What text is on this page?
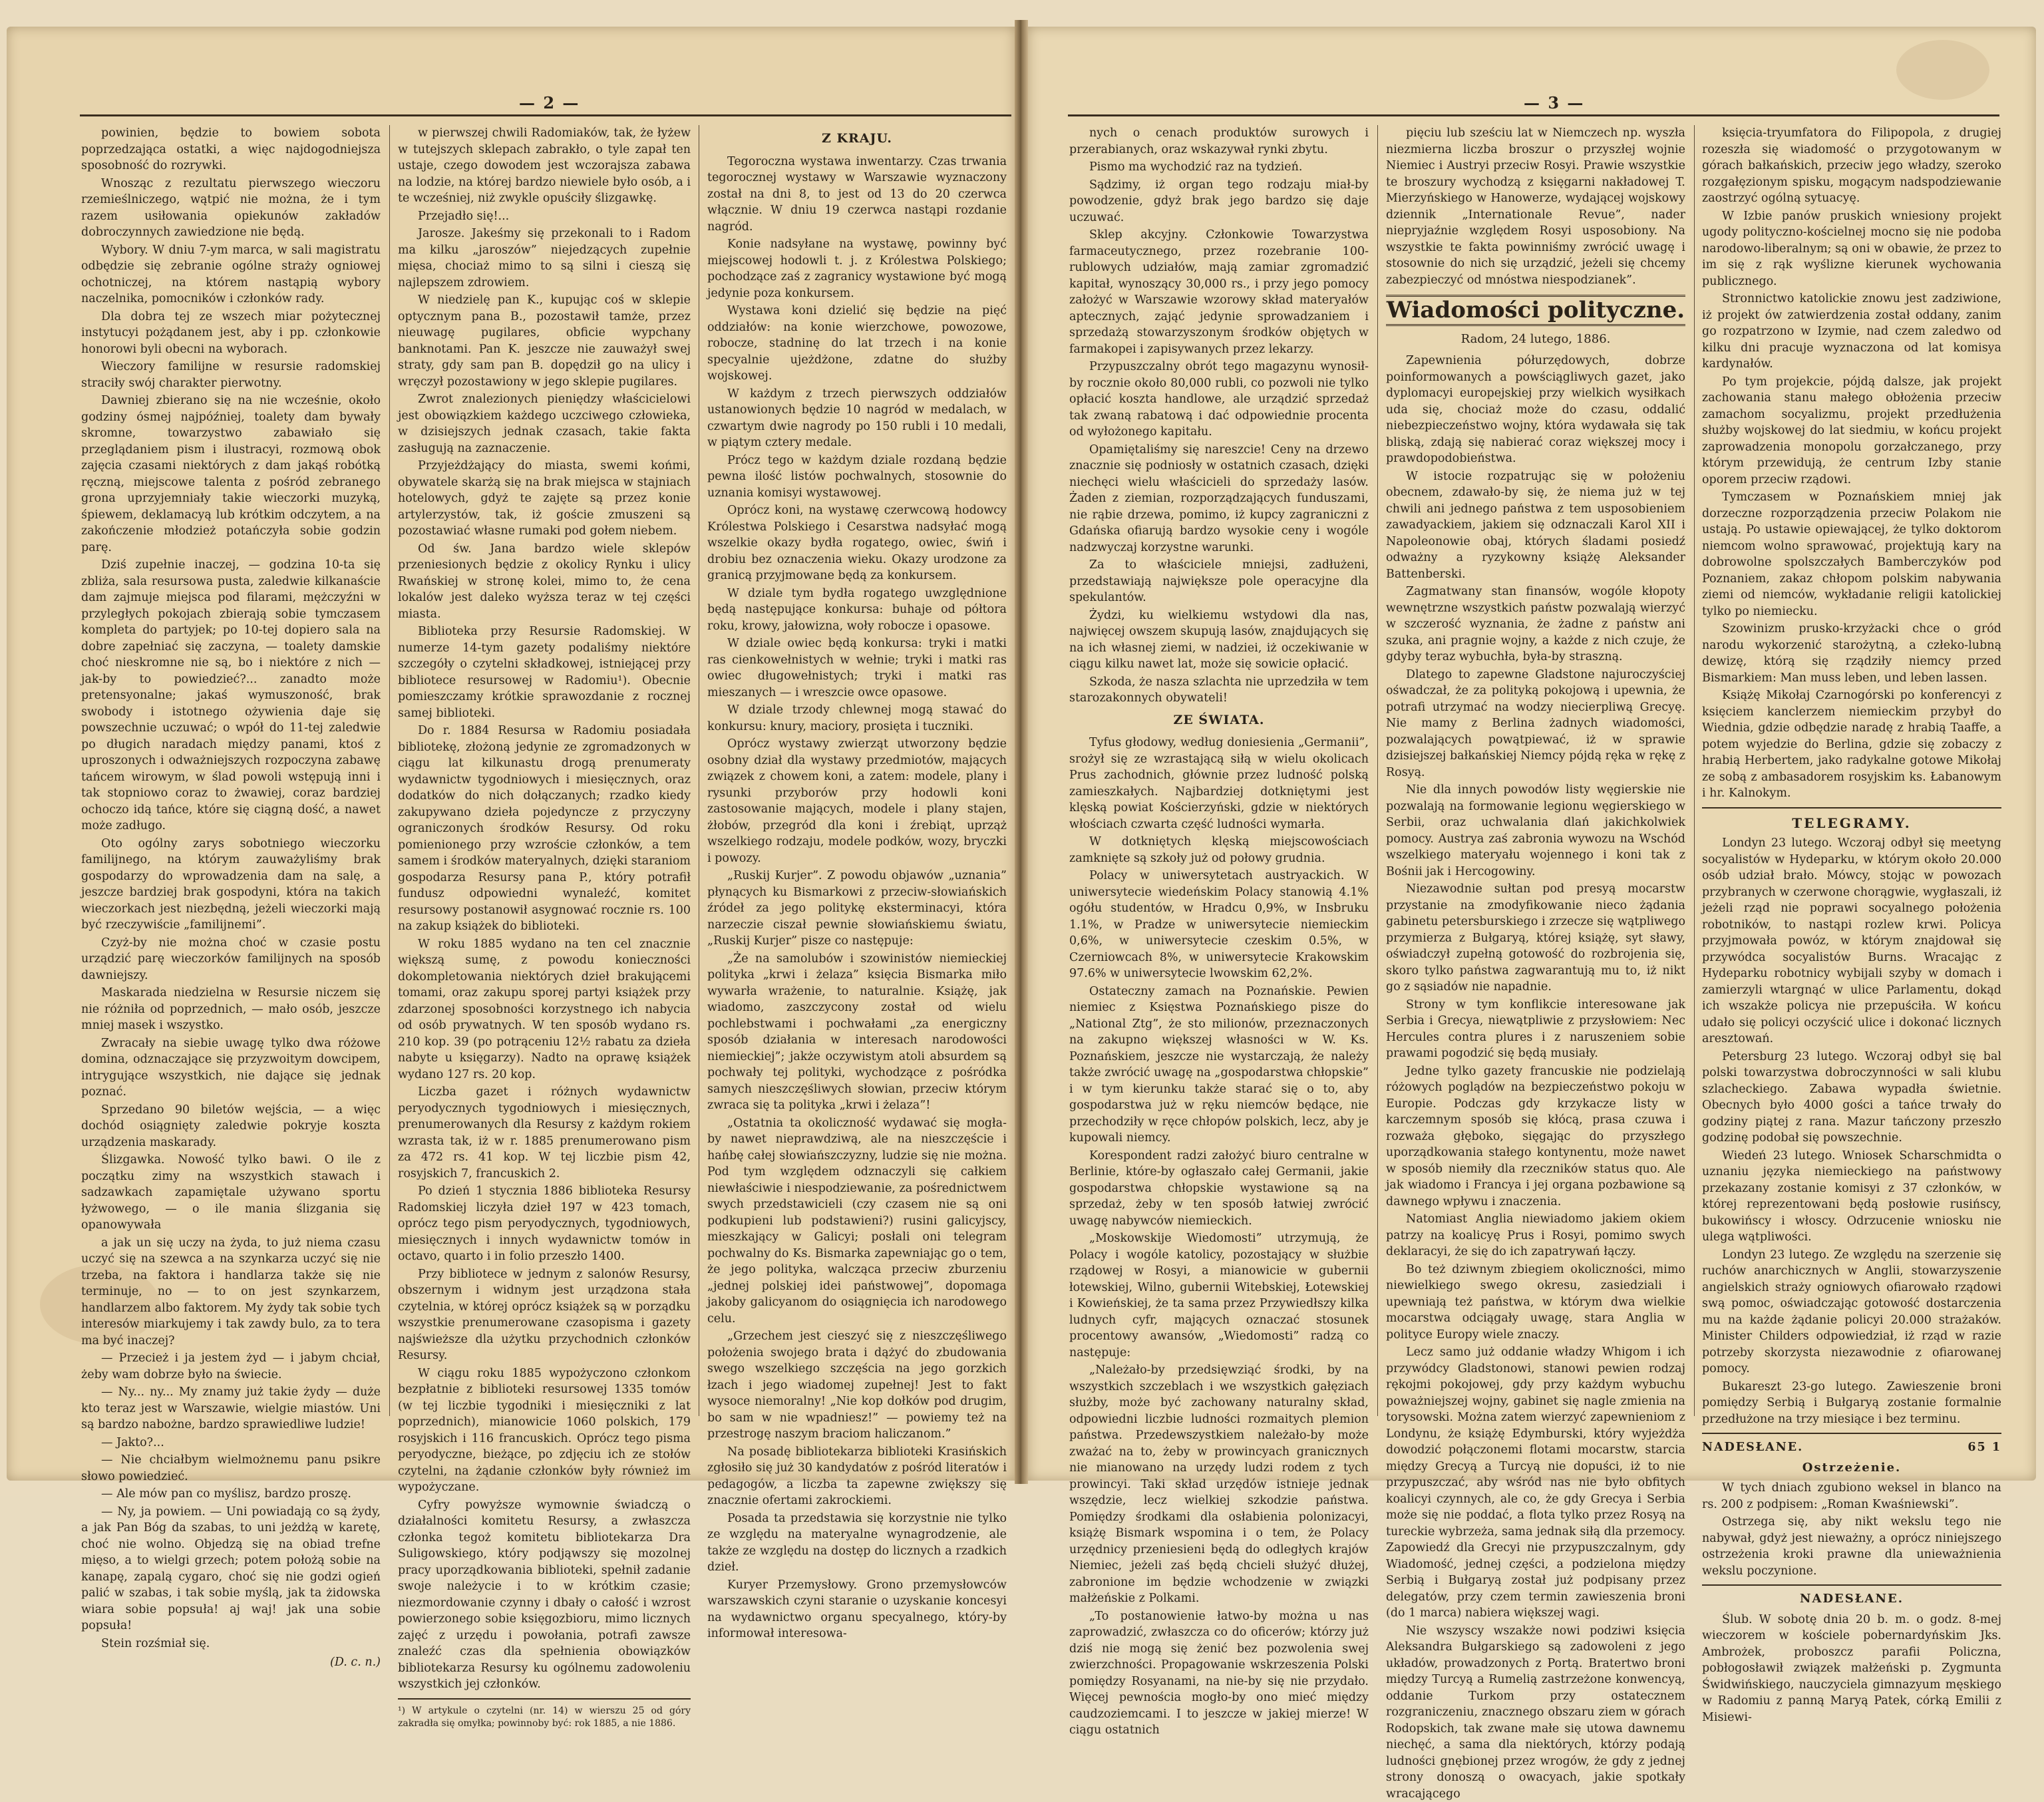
— 2 —

powinien, będzie to bowiem sobota poprzedzająca ostatki, a więc najdogodniejsza sposobność do rozrywki.

Wnosząc z rezultatu pierwszego wieczoru rzemieślniczego, wątpić nie można, że i tym razem usiłowania opiekunów zakładów dobroczynnych zawiedzione nie będą.

Wybory. W dniu 7-ym marca, w sali magistratu odbędzie się zebranie ogólne straży ogniowej ochotniczej, na którem nastąpią wybory naczelnika, pomocników i członków rady.

Dla dobra tej ze wszech miar pożytecznej instytucyi pożądanem jest, aby i pp. członkowie honorowi byli obecni na wyborach.

Wieczory familijne w resursie radomskiej straciły swój charakter pierwotny.

Dawniej zbierano się na nie wcześnie, około godziny ósmej najpóźniej, toalety dam bywały skromne, towarzystwo zabawiało się przeglądaniem pism i ilustracyi, rozmową obok zajęcia czasami niektórych z dam jakąś robótką ręczną, miejscowe talenta z pośród zebranego grona uprzyjemniały takie wieczorki muzyką, śpiewem, deklamacyą lub krótkim odczytem, a na zakończenie młodzież potańczyła sobie godzin parę.

Dziś zupełnie inaczej, — godzina 10-ta się zbliża, sala resursowa pusta, zaledwie kilkanaście dam zajmuje miejsca pod filarami, mężczyźni w przyległych pokojach zbierają sobie tymczasem kompleta do partyjek; po 10-tej dopiero sala na dobre zapełniać się zaczyna, — toalety damskie choć nieskromne nie są, bo i niektóre z nich — jak-by to powiedzieć?... zanadto może pretensyonalne; jakaś wymuszoność, brak swobody i istotnego ożywienia daje się powszechnie uczuwać; o wpół do 11-tej zaledwie po długich naradach między panami, ktoś z uproszonych i odważniejszych rozpoczyna zabawę tańcem wirowym, w ślad powoli wstępują inni i tak stopniowo coraz to żwawiej, coraz bardziej ochoczo idą tańce, które się ciągną dość, a nawet może zadługo.

Oto ogólny zarys sobotniego wieczorku familijnego, na którym zauważyliśmy brak gospodarzy do wprowadzenia dam na salę, a jeszcze bardziej brak gospodyni, która na takich wieczorkach jest niezbędną, jeżeli wieczorki mają być rzeczywiście „familijnemi”.

Czyż-by nie można choć w czasie postu urządzić parę wieczorków familijnych na sposób dawniejszy.

Maskarada niedzielna w Resursie niczem się nie różniła od poprzednich, — mało osób, jeszcze mniej masek i wszystko.

Zwracały na siebie uwagę tylko dwa różowe domina, odznaczające się przyzwoitym dowcipem, intrygujące wszystkich, nie dające się jednak poznać.

Sprzedano 90 biletów wejścia, — a więc dochód osiągnięty zaledwie pokryje koszta urządzenia maskarady.

Ślizgawka. Nowość tylko bawi. O ile z początku zimy na wszystkich stawach i sadzawkach zapamiętale używano sportu łyżwowego, — o ile mania ślizgania się opanowywała

a jak un się uczy na żyda, to już niema czasu uczyć się na szewca a na szynkarza uczyć się nie trzeba, na faktora i handlarza także się nie terminuje, no — to on jest szynkarzem, handlarzem albo faktorem. My żydy tak sobie tych interesów miarkujemy i tak zawdy bulo, za to tera ma być inaczej?

— Przecież i ja jestem żyd — i jabym chciał, żeby wam dobrze było na świecie.

— Ny... ny... My znamy już takie żydy — duże kto teraz jest w Warszawie, wielgie miastów. Uni są bardzo nabożne, bardzo sprawiedliwe ludzie!

— Jakto?...

— Nie chciałbym wielmożnemu panu psikre słowo powiedzieć.

— Ale mów pan co myślisz, bardzo proszę.

— Ny, ja powiem. — Uni powiadają co są żydy, a jak Pan Bóg da szabas, to uni jeżdżą w karetę, choć nie wolno. Objedzą się na obiad trefne mięso, a to wielgi grzech; potem położą sobie na kanapę, zapalą cygaro, choć się nie godzi ogień palić w szabas, i tak sobie myślą, jak ta żidowska wiara sobie popsuła! aj waj! jak una sobie popsuła!

Stein rozśmiał się.

(D. c. n.)

w pierwszej chwili Radomiaków, tak, że łyżew w tutejszych sklepach zabrakło, o tyle zapał ten ustaje, czego dowodem jest wczorajsza zabawa na lodzie, na której bardzo niewiele było osób, a i te wcześniej, niż zwykle opuściły ślizgawkę.

Przejadło się!...

Jarosze. Jakeśmy się przekonali to i Radom ma kilku „jaroszów” niejedzących zupełnie mięsa, chociaż mimo to są silni i cieszą się najlepszem zdrowiem.

W niedzielę pan K., kupując coś w sklepie optycznym pana B., pozostawił tamże, przez nieuwagę pugilares, obficie wypchany banknotami. Pan K. jeszcze nie zauważył swej straty, gdy sam pan B. dopędził go na ulicy i wręczył pozostawiony w jego sklepie pugilares.

Zwrot znalezionych pieniędzy właścicielowi jest obowiązkiem każdego uczciwego człowieka, w dzisiejszych jednak czasach, takie fakta zasługują na zaznaczenie.

Przyjeżdżający do miasta, swemi końmi, obywatele skarżą się na brak miejsca w stajniach hotelowych, gdyż te zajęte są przez konie artylerzystów, tak, iż goście zmuszeni są pozostawiać własne rumaki pod gołem niebem.

Od św. Jana bardzo wiele sklepów przeniesionych będzie z okolicy Rynku i ulicy Rwańskiej w stronę kolei, mimo to, że cena lokalów jest daleko wyższa teraz w tej części miasta.

Biblioteka przy Resursie Radomskiej. W numerze 14-tym gazety podaliśmy niektóre szczegóły o czytelni składkowej, istniejącej przy bibliotece resursowej w Radomiu¹). Obecnie pomieszczamy krótkie sprawozdanie z rocznej samej biblioteki.

Do r. 1884 Resursa w Radomiu posiadała bibliotekę, złożoną jedynie ze zgromadzonych w ciągu lat kilkunastu drogą prenumeraty wydawnictw tygodniowych i miesięcznych, oraz dodatków do nich dołączanych; rzadko kiedy zakupywano dzieła pojedyncze z przyczyny ograniczonych środków Resursy. Od roku pomienionego przy wzroście członków, a tem samem i środków materyalnych, dzięki staraniom gospodarza Resursy pana P., który potrafił fundusz odpowiedni wynaleźć, komitet resursowy postanowił asygnować rocznie rs. 100 na zakup książek do biblioteki.

W roku 1885 wydano na ten cel znacznie większą sumę, z powodu konieczności dokompletowania niektórych dzieł brakującemi tomami, oraz zakupu sporej partyi książek przy zdarzonej sposobności korzystnego ich nabycia od osób prywatnych. W ten sposób wydano rs. 210 kop. 39 (po potrąceniu 12½ rabatu za dzieła nabyte u księgarzy). Nadto na oprawę książek wydano 127 rs. 20 kop.

Liczba gazet i różnych wydawnictw peryodycznych tygodniowych i miesięcznych, prenumerowanych dla Resursy z każdym rokiem wzrasta tak, iż w r. 1885 prenumerowano pism za 472 rs. 41 kop. W tej liczbie pism 42, rosyjskich 7, francuskich 2.

Po dzień 1 stycznia 1886 biblioteka Resursy Radomskiej liczyła dzieł 197 w 423 tomach, oprócz tego pism peryodycznych, tygodniowych, miesięcznych i innych wydawnictw tomów in octavo, quarto i in folio przeszło 1400.

Przy bibliotece w jednym z salonów Resursy, obszernym i widnym jest urządzona stała czytelnia, w której oprócz książek są w porządku wszystkie prenumerowane czasopisma i gazety najświeższe dla użytku przychodnich członków Resursy.

W ciągu roku 1885 wypożyczono członkom bezpłatnie z biblioteki resursowej 1335 tomów (w tej liczbie tygodniki i miesięczniki z lat poprzednich), mianowicie 1060 polskich, 179 rosyjskich i 116 francuskich. Oprócz tego pisma peryodyczne, bieżące, po zdjęciu ich ze stołów czytelni, na żądanie członków były również im wypożyczane.

Cyfry powyższe wymownie świadczą o działalności komitetu Resursy, a zwłaszcza członka tegoż komitetu bibliotekarza Dra Suligowskiego, który podjąwszy się mozolnej pracy uporządkowania biblioteki, spełnił zadanie swoje należycie i to w krótkim czasie; niezmordowanie czynny i dbały o całość i wzrost powierzonego sobie księgozbioru, mimo licznych zajęć z urzędu i powołania, potrafi zawsze znaleźć czas dla spełnienia obowiązków bibliotekarza Resursy ku ogólnemu zadowoleniu wszystkich jej członków.

¹) W artykule o czytelni (nr. 14) w wierszu 25 od góry zakradła się omyłka; powinnoby być: rok 1885, a nie 1886.
Z KRAJU.

Tegoroczna wystawa inwentarzy. Czas trwania tegorocznej wystawy w Warszawie wyznaczony został na dni 8, to jest od 13 do 20 czerwca włącznie. W dniu 19 czerwca nastąpi rozdanie nagród.

Konie nadsyłane na wystawę, powinny być miejscowej hodowli t. j. z Królestwa Polskiego; pochodzące zaś z zagranicy wystawione być mogą jedynie poza konkursem.

Wystawa koni dzielić się będzie na pięć oddziałów: na konie wierzchowe, powozowe, robocze, stadninę do lat trzech i na konie specyalnie ujeżdżone, zdatne do służby wojskowej.

W każdym z trzech pierwszych oddziałów ustanowionych będzie 10 nagród w medalach, w czwartym dwie nagrody po 150 rubli i 10 medali, w piątym cztery medale.

Prócz tego w każdym dziale rozdaną będzie pewna ilość listów pochwalnych, stosownie do uznania komisyi wystawowej.

Oprócz koni, na wystawę czerwcową hodowcy Królestwa Polskiego i Cesarstwa nadsyłać mogą wszelkie okazy bydła rogatego, owiec, świń i drobiu bez oznaczenia wieku. Okazy urodzone za granicą przyjmowane będą za konkursem.

W dziale tym bydła rogatego uwzględnione będą następujące konkursa: buhaje od półtora roku, krowy, jałowizna, woły robocze i opasowe.

W dziale owiec będą konkursa: tryki i matki ras cienkowełnistych w wełnie; tryki i matki ras owiec długowełnistych; tryki i matki ras mieszanych — i wreszcie owce opasowe.

W dziale trzody chlewnej mogą stawać do konkursu: knury, maciory, prosięta i tuczniki.

Oprócz wystawy zwierząt utworzony będzie osobny dział dla wystawy przedmiotów, mających związek z chowem koni, a zatem: modele, plany i rysunki przyborów przy hodowli koni zastosowanie mających, modele i plany stajen, żłobów, przegród dla koni i źrebiąt, uprząż wszelkiego rodzaju, modele podków, wozy, bryczki i powozy.

„Ruskij Kurjer”. Z powodu objawów „uznania” płynących ku Bismarkowi z przeciw-słowiańskich źródeł za jego politykę eksterminacyi, która narzeczie ciszał pewnie słowiańskiemu światu, „Ruskij Kurjer” pisze co następuje:

„Że na samolubów i szowinistów niemieckiej polityka „krwi i żelaza” księcia Bismarka miło wywarła wrażenie, to naturalnie. Książę, jak wiadomo, zaszczycony został od wielu pochlebstwami i pochwałami „za energiczny sposób działania w interesach narodowości niemieckiej”; jakże oczywistym atoli absurdem są pochwały tej polityki, wychodzące z pośródka samych nieszczęśliwych słowian, przeciw którym zwraca się ta polityka „krwi i żelaza”!

„Ostatnia ta okoliczność wydawać się mogła-by nawet nieprawdziwą, ale na nieszczęście i hańbę całej słowiańszczyzny, ludzie się nie można. Pod tym względem odznaczyli się całkiem niewłaściwie i niespodziewanie, za pośrednictwem swych przedstawicieli (czy czasem nie są oni podkupieni lub podstawieni?) rusini galicyjscy, mieszkający w Galicyi; posłali oni telegram pochwalny do Ks. Bismarka zapewniając go o tem, że jego polityka, walcząca przeciw zburzeniu „jednej polskiej idei państwowej”, dopomaga jakoby galicyanom do osiągnięcia ich narodowego celu.

„Grzechem jest cieszyć się z nieszczęśliwego położenia swojego brata i dążyć do zbudowania swego wszelkiego szczęścia na jego gorzkich łzach i jego wiadomej zupełnej! Jest to fakt wysoce niemoralny! „Nie kop dołków pod drugim, bo sam w nie wpadniesz!” — powiemy też na przestrogę naszym braciom haliczanom.”

Na posadę bibliotekarza biblioteki Krasińskich zgłosiło się już 30 kandydatów z pośród literatów i pedagogów, a liczba ta zapewne zwiększy się znacznie ofertami zakrockiemi.

Posada ta przedstawia się korzystnie nie tylko ze względu na materyalne wynagrodzenie, ale także ze względu na dostęp do licznych a rzadkich dzieł.

Kuryer Przemysłowy. Grono przemysłowców warszawskich czyni staranie o uzyskanie koncesyi na wydawnictwo organu specyalnego, który-by informował interesowa-

— 3 —

nych o cenach produktów surowych i przerabianych, oraz wskazywał rynki zbytu.

Pismo ma wychodzić raz na tydzień.

Sądzimy, iż organ tego rodzaju miał-by powodzenie, gdyż brak jego bardzo się daje uczuwać.

Sklep akcyjny. Członkowie Towarzystwa farmaceutycznego, przez rozebranie 100-rublowych udziałów, mają zamiar zgromadzić kapitał, wynoszący 30,000 rs., i przy jego pomocy założyć w Warszawie wzorowy skład materyałów aptecznych, zająć jedynie sprowadzaniem i sprzedażą stowarzyszonym środków objętych w farmakopei i zapisywanych przez lekarzy.

Przypuszczalny obrót tego magazynu wynosił-by rocznie około 80,000 rubli, co pozwoli nie tylko opłacić koszta handlowe, ale urządzić sprzedaż tak zwaną rabatową i dać odpowiednie procenta od wyłożonego kapitału.

Opamiętaliśmy się nareszcie! Ceny na drzewo znacznie się podniosły w ostatnich czasach, dzięki niechęci wielu właścicieli do sprzedaży lasów. Żaden z ziemian, rozporządzających funduszami, nie rąbie drzewa, pomimo, iż kupcy zagraniczni z Gdańska ofiarują bardzo wysokie ceny i wogóle nadzwyczaj korzystne warunki.

Za to właściciele mniejsi, zadłużeni, przedstawiają największe pole operacyjne dla spekulantów.

Żydzi, ku wielkiemu wstydowi dla nas, najwięcej owszem skupują lasów, znajdujących się na ich własnej ziemi, w nadziei, iż oczekiwanie w ciągu kilku nawet lat, może się sowicie opłacić.

Szkoda, że nasza szlachta nie uprzedziła w tem starozakonnych obywateli!

ZE ŚWIATA.

Tyfus głodowy, według doniesienia „Germanii”, srożył się ze wzrastającą siłą w wielu okolicach Prus zachodnich, głównie przez ludność polską zamieszkałych. Najbardziej dotkniętymi jest klęską powiat Kościerzyński, gdzie w niektórych włościach czwarta część ludności wymarła.

W dotkniętych klęską miejscowościach zamknięte są szkoły już od połowy grudnia.

Polacy w uniwersytetach austryackich. W uniwersytecie wiedeńskim Polacy stanowią 4.1% ogółu studentów, w Hradcu 0,9%, w Insbruku 1.1%, w Pradze w uniwersytecie niemieckim 0,6%, w uniwersytecie czeskim 0.5%, w Czerniowcach 8%, w uniwersytecie Krakowskim 97.6% w uniwersytecie lwowskim 62,2%.

Ostateczny zamach na Poznańskie. Pewien niemiec z Księstwa Poznańskiego pisze do „National Ztg”, że sto milionów, przeznaczonych na zakupno większej własności w W. Ks. Poznańskiem, jeszcze nie wystarczają, że należy także zwrócić uwagę na „gospodarstwa chłopskie” i w tym kierunku także starać się o to, aby gospodarstwa już w ręku niemców będące, nie przechodziły w ręce chłopów polskich, lecz, aby je kupowali niemcy.

Korespondent radzi założyć biuro centralne w Berlinie, które-by ogłaszało całej Germanii, jakie gospodarstwa chłopskie wystawione są na sprzedaż, żeby w ten sposób łatwiej zwrócić uwagę nabywców niemieckich.

„Moskowskije Wiedomosti” utrzymują, że Polacy i wogóle katolicy, pozostający w służbie rządowej w Rosyi, a mianowicie w gubernii łotewskiej, Wilno, gubernii Witebskiej, Łotewskiej i Kowieńskiej, że ta sama przez Przywiedłszy kilka ludnych cyfr, mających oznaczać stosunek procentowy awansów, „Wiedomosti” radzą co następuje:

„Należało-by przedsięwziąć środki, by na wszystkich szczeblach i we wszystkich gałęziach służby, może być zachowany naturalny skład, odpowiedni liczbie ludności rozmaitych plemion państwa. Przedewszystkiem należało-by może zważać na to, żeby w prowincyach granicznych nie mianowano na urzędy ludzi rodem z tych prowincyi. Taki skład urzędów istnieje jednak wszędzie, lecz wielkiej szkodzie państwa. Pomiędzy środkami dla osłabienia polonizacyi, książę Bismark wspomina i o tem, że Polacy urzędnicy przeniesieni będą do odległych krajów Niemiec, jeżeli zaś będą chcieli służyć dłużej, zabronione im będzie wchodzenie w związki małżeńskie z Polkami.

„To postanowienie łatwo-by można u nas zaprowadzić, zwłaszcza co do oficerów; którzy już dziś nie mogą się żenić bez pozwolenia swej zwierzchności. Propagowanie wskrzeszenia Polski pomiędzy Rosyanami, na nie-by się nie przydało. Więcej pewnościa mogło-by ono mieć między caudzoziemcami. I to jeszcze w jakiej mierze! W ciągu ostatnich

pięciu lub sześciu lat w Niemczech np. wyszła niezmierna liczba broszur o przyszłej wojnie Niemiec i Austryi przeciw Rosyi. Prawie wszystkie te broszury wychodzą z księgarni nakładowej T. Mierzyńskiego w Hanowerze, wydającej wojskowy dziennik „Internationale Revue”, nader niepryjaźnie względem Rosyi usposobiony. Na wszystkie te fakta powinniśmy zwrócić uwagę i stosownie do nich się urządzić, jeżeli się chcemy zabezpieczyć od mnóstwa niespodzianek”.

Wiadomości polityczne.
Radom, 24 lutego, 1886.

Zapewnienia półurzędowych, dobrze poinformowanych a powściągliwych gazet, jako dyplomacyi europejskiej przy wielkich wysiłkach uda się, chociaż może do czasu, oddalić niebezpieczeństwo wojny, która wydawała się tak bliską, zdają się nabierać coraz większej mocy i prawdopodobieństwa.

W istocie rozpatrując się w położeniu obecnem, zdawało-by się, że niema już w tej chwili ani jednego państwa z tem usposobieniem zawadyackiem, jakiem się odznaczali Karol XII i Napoleonowie obaj, których śladami posiedź odważny a ryzykowny książę Aleksander Battenberski.

Zagmatwany stan finansów, wogóle kłopoty wewnętrzne wszystkich państw pozwalają wierzyć w szczerość wyznania, że żadne z państw ani szuka, ani pragnie wojny, a każde z nich czuje, że gdyby teraz wybuchła, była-by straszną.

Dlatego to zapewne Gladstone najuroczyściej ośwadczał, że za polityką pokojową i upewnia, że potrafi utrzymać na wodzy niecierpliwą Grecyę. Nie mamy z Berlina żadnych wiadomości, pozwalających powątpiewać, iż w sprawie dzisiejszej bałkańskiej Niemcy pójdą ręka w rękę z Rosyą.

Nie dla innych powodów listy węgierskie nie pozwalają na formowanie legionu węgierskiego w Serbii, oraz uchwalania dlań jakichkolwiek pomocy. Austrya zaś zabronia wywozu na Wschód wszelkiego materyału wojennego i koni tak z Bośnii jak i Hercogowiny.

Niezawodnie sułtan pod presyą mocarstw przystanie na zmodyfikowanie nieco żądania gabinetu petersburskiego i zrzecze się wątpliwego przymierza z Bułgaryą, której książę, syt sławy, oświadczył zupełną gotowość do rozbrojenia się, skoro tylko państwa zagwarantują mu to, iż nikt go z sąsiadów nie napadnie.

Strony w tym konflikcie interesowane jak Serbia i Grecya, niewątpliwie z przysłowiem: Nec Hercules contra plures i z naruszeniem sobie prawami pogodzić się będą musiały.

Jedne tylko gazety francuskie nie podzielają różowych poglądów na bezpieczeństwo pokoju w Europie. Podczas gdy krzykacze listy w karczemnym sposób się kłócą, prasa czuwa i rozważa głęboko, sięgając do przyszłego uporządkowania stałego kontynentu, może nawet w sposób niemiły dla rzeczników status quo. Ale jak wiadomo i Francya i jej organa pozbawione są dawnego wpływu i znaczenia.

Natomiast Anglia niewiadomo jakiem okiem patrzy na koalicyę Prus i Rosyi, pomimo swych deklaracyi, że się do ich zapatrywań łączy.

Bo też dziwnym zbiegiem okoliczności, mimo niewielkiego swego okresu, zasiedziali i upewniają też państwa, w którym dwa wielkie mocarstwa odciągały uwagę, stara Anglia w polityce Europy wiele znaczy.

Lecz samo już oddanie władzy Whigom i ich przywódcy Gladstonowi, stanowi pewien rodzaj rękojmi pokojowej, gdy przy każdym wybuchu poważniejszej wojny, gabinet się nagle zmienia na torysowski. Można zatem wierzyć zapewnieniom z Londynu, że książę Edymburski, który wyjeżdża dowodzić połączonemi flotami mocarstw, starcia między Grecyą a Turcyą nie dopuści, iż to nie przypuszczać, aby wśród nas nie było obfitych koalicyi czynnych, ale co, że gdy Grecya i Serbia może się nie poddać, a flota tylko przez Rosyą na tureckie wybrzeża, sama jednak siłą dla przemocy. Zapowiedź dla Grecyi nie przypuszczalnym, gdy Wiadomość, jednej części, a podzielona między Serbią i Bułgaryą został już podpisany przez delegatów, przy czem termin zawieszenia broni (do 1 marca) nabiera większej wagi.

Nie wszyscy wszakże nowi podziwi księcia Aleksandra Bułgarskiego są zadowoleni z jego układów, prowadzonych z Portą. Bratertwo broni między Turcyą a Rumelią zastrzeżone konwencyą, oddanie Turkom przy ostatecznem rozgraniczeniu, znacznego obszaru ziem w górach Rodopskich, tak zwane małe się utowa dawnemu niechęć, a sama dla niektórych, którzy podają ludności gnębionej przez wrogów, że gdy z jednej strony donoszą o owacyach, jakie spotkały wracającego

księcia-tryumfatora do Filipopola, z drugiej rozeszła się wiadomość o przygotowanym w górach bałkańskich, przeciw jego władzy, szeroko rozgałęzionym spisku, mogącym nadspodziewanie zaostrzyć ogólną sytuacyę.

W Izbie panów pruskich wniesiony projekt ugody polityczno-kościelnej mocno się nie podoba narodowo-liberalnym; są oni w obawie, że przez to im się z rąk wyślizne kierunek wychowania publicznego.

Stronnictwo katolickie znowu jest zadziwione, iż projekt ów zatwierdzenia został oddany, zanim go rozpatrzono w Izymie, nad czem zaledwo od kilku dni pracuje wyznaczona od lat komisya kardynałów.

Po tym projekcie, pójdą dalsze, jak projekt zachowania stanu małego obłożenia przeciw zamachom socyalizmu, projekt przedłużenia służby wojskowej do lat siedmiu, w końcu projekt zaprowadzenia monopolu gorzałczanego, przy którym przewidują, że centrum Izby stanie oporem przeciw rządowi.

Tymczasem w Poznańskiem mniej jak dorzeczne rozporządzenia przeciw Polakom nie ustają. Po ustawie opiewającej, że tylko doktorom niemcom wolno sprawować, projektują kary na dobrowolne spolszczałych Bamberczyków pod Poznaniem, zakaz chłopom polskim nabywania ziemi od niemców, wykładanie religii katolickiej tylko po niemiecku.

Szowinizm prusko-krzyżacki chce o gród narodu wykorzenić starożytną, a człeko-lubną dewizę, którą się rządziły niemcy przed Bismarkiem: Man muss leben, und leben lassen.

Książę Mikołaj Czarnogórski po konferencyi z księciem kanclerzem niemieckim przybył do Wiednia, gdzie odbędzie naradę z hrabią Taaffe, a potem wyjedzie do Berlina, gdzie się zobaczy z hrabią Herbertem, jako radykalne gotowe Mikołaj ze sobą z ambasadorem rosyjskim ks. Łabanowym i hr. Kalnokym.

TELEGRAMY.

Londyn 23 lutego. Wczoraj odbył się meetyng socyalistów w Hydeparku, w którym około 20.000 osób udział brało. Mówcy, stojąc w powozach przybranych w czerwone chorągwie, wygłaszali, iż jeżeli rząd nie poprawi socyalnego położenia robotników, to nastąpi rozlew krwi. Policya przyjmowała powóz, w którym znajdował się przywódca socyalistów Burns. Wracając z Hydeparku robotnicy wybijali szyby w domach i zamierzyli wtargnąć w ulice Parlamentu, dokąd ich wszakże policya nie przepuściła. W końcu udało się policyi oczyścić ulice i dokonać licznych aresztowań.

Petersburg 23 lutego. Wczoraj odbył się bal polski towarzystwa dobroczynności w sali klubu szlacheckiego. Zabawa wypadła świetnie. Obecnych było 4000 gości a tańce trwały do godziny piątej z rana. Mazur tańczony przeszło godzinę podobał się powszechnie.

Wiedeń 23 lutego. Wniosek Scharschmidta o uznaniu języka niemieckiego na państwowy przekazany zostanie komisyi z 37 członków, w której reprezentowani będą posłowie rusińscy, bukowińscy i włoscy. Odrzucenie wniosku nie ulega wątpliwości.

Londyn 23 lutego. Ze względu na szerzenie się ruchów anarchicznych w Anglii, stowarzyszenie angielskich straży ogniowych ofiarowało rządowi swą pomoc, oświadczając gotowość dostarczenia mu na każde żądanie policyi 20.000 strażaków. Minister Childers odpowiedział, iż rząd w razie potrzeby skorzysta niezawodnie z ofiarowanej pomocy.

Bukareszt 23-go lutego. Zawieszenie broni pomiędzy Serbią i Bułgaryą zostanie formalnie przedłużone na trzy miesiące i bez terminu.

NADESŁANE.	65 1
Ostrzeżenie.

W tych dniach zgubiono weksel in blanco na rs. 200 z podpisem: „Roman Kwaśniewski”.

Ostrzega się, aby nikt wekslu tego nie nabywał, gdyż jest nieważny, a oprócz niniejszego ostrzeżenia kroki prawne dla unieważnienia wekslu poczynione.

NADESŁANE.

Ślub. W sobotę dnia 20 b. m. o godz. 8-mej wieczorem w kościele pobernardyńskim Jks. Ambrożek, proboszcz parafii Policzna, pobłogosławił związek małżeński p. Zygmunta Świdwińskiego, nauczyciela gimnazyum męskiego w Radomiu z panną Maryą Patek, córką Emilii z Misiewi-
